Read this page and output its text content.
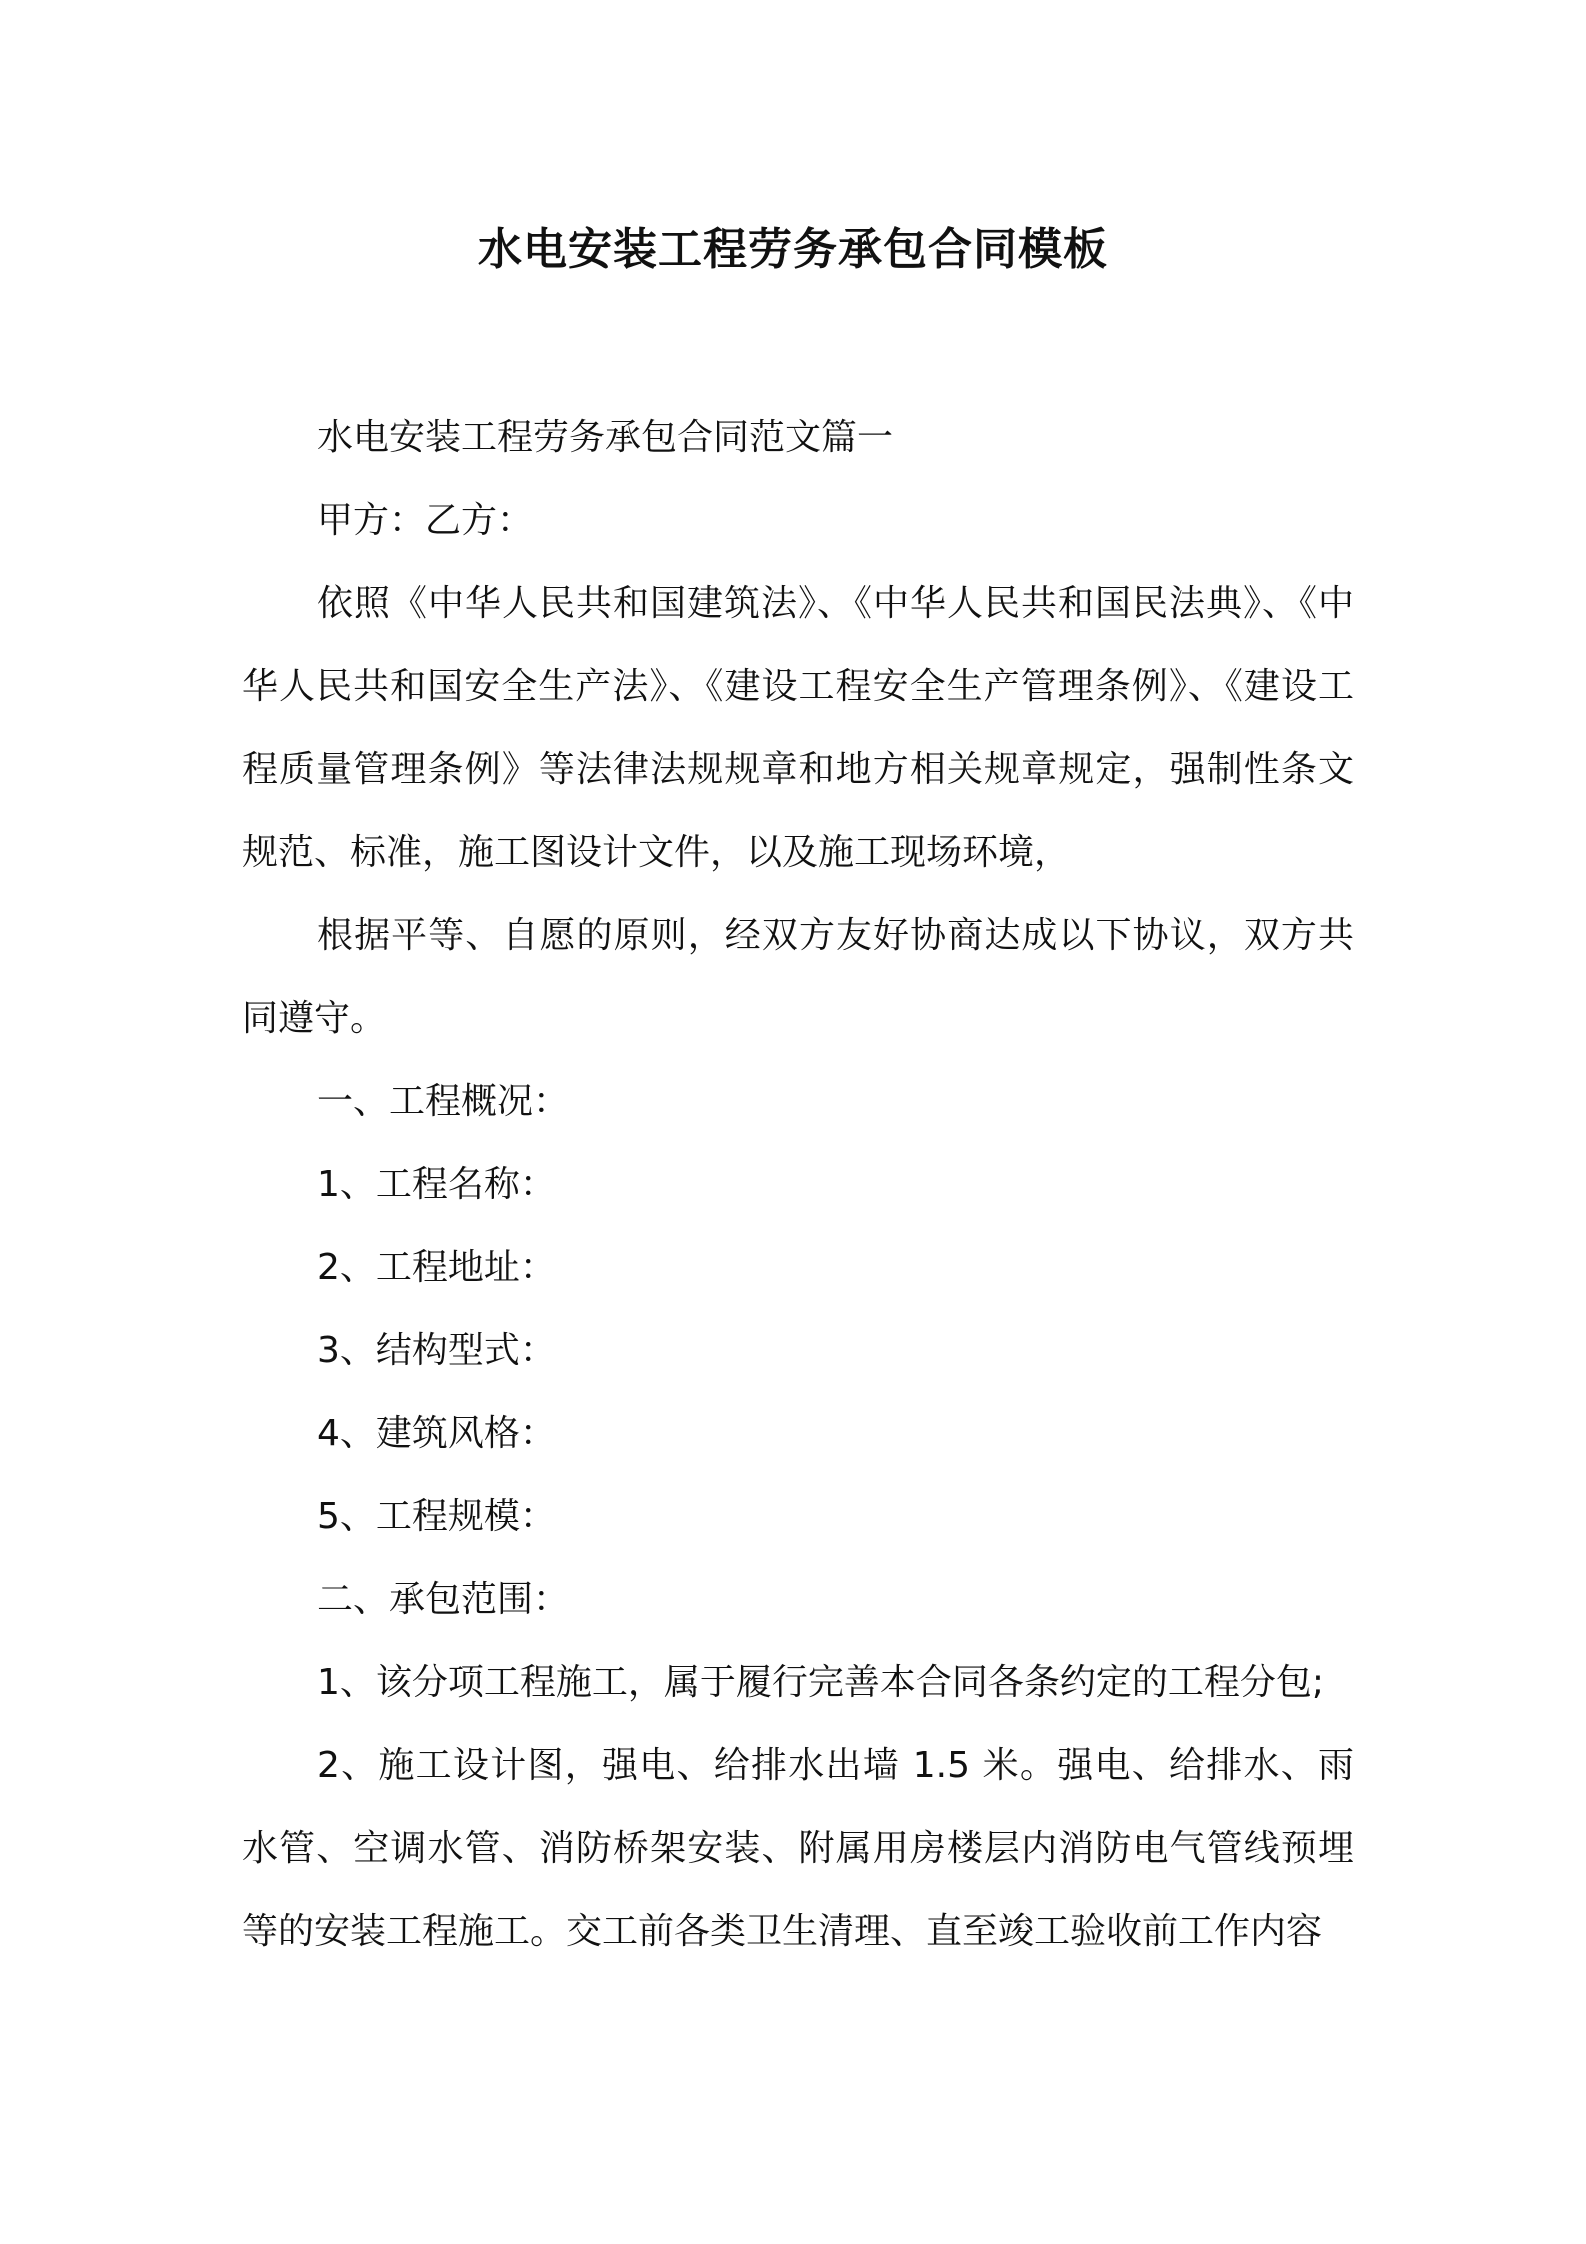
水电安装工程劳务承包合同模板

水电安装工程劳务承包合同范文篇一

甲方：乙方：

依照《中华人民共和国建筑法》、《中华人民共和国民法典》、《中华人民共和国安全生产法》、《建设工程安全生产管理条例》、《建设工程质量管理条例》等法律法规规章和地方相关规章规定，强制性条文规范、标准，施工图设计文件，以及施工现场环境，

根据平等、自愿的原则，经双方友好协商达成以下协议，双方共同遵守。

一、工程概况：

1、工程名称：

2、工程地址：

3、结构型式：

4、建筑风格：

5、工程规模：

二、承包范围：

1、该分项工程施工，属于履行完善本合同各条约定的工程分包;

2、施工设计图，强电、给排水出墙 1.5 米。强电、给排水、雨水管、空调水管、消防桥架安装、附属用房楼层内消防电气管线预埋等的安装工程施工。交工前各类卫生清理、直至竣工验收前工作内容
